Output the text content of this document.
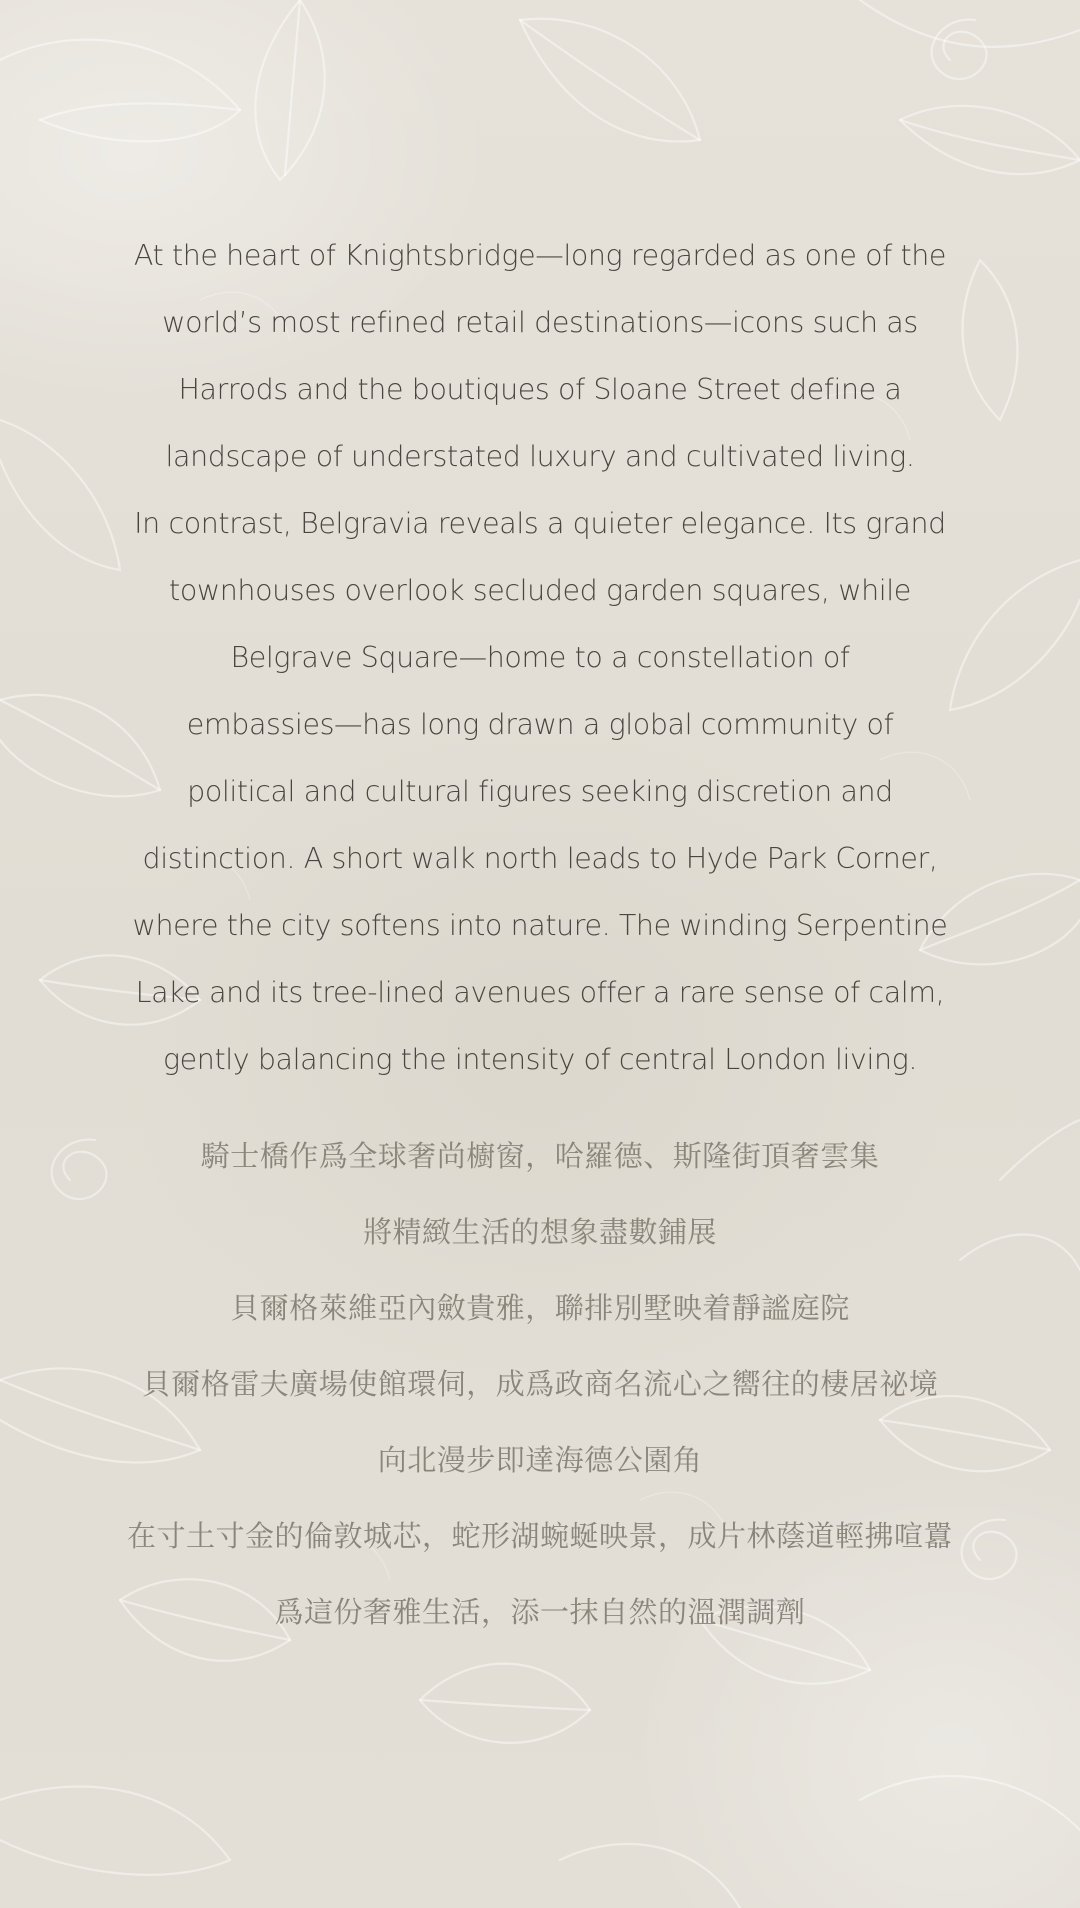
At the heart of Knightsbridge—long regarded as one of the
world’s most refined retail destinations—icons such as
Harrods and the boutiques of Sloane Street define a
landscape of understated luxury and cultivated living.
In contrast, Belgravia reveals a quieter elegance. Its grand
townhouses overlook secluded garden squares, while
Belgrave Square—home to a constellation of
embassies—has long drawn a global community of
political and cultural figures seeking discretion and
distinction. A short walk north leads to Hyde Park Corner,
where the city softens into nature. The winding Serpentine
Lake and its tree-lined avenues offer a rare sense of calm,
gently balancing the intensity of central London living.
騎士橋作爲全球奢尚櫥窗，哈羅德、斯隆街頂奢雲集
將精緻生活的想象盡數鋪展
貝爾格萊維亞內斂貴雅，聯排別墅映着靜謐庭院
貝爾格雷夫廣場使館環伺，成爲政商名流心之嚮往的棲居祕境
向北漫步即達海德公園角
在寸土寸金的倫敦城芯，蛇形湖蜿蜒映景，成片林蔭道輕拂喧囂
爲這份奢雅生活，添一抹自然的溫潤調劑
